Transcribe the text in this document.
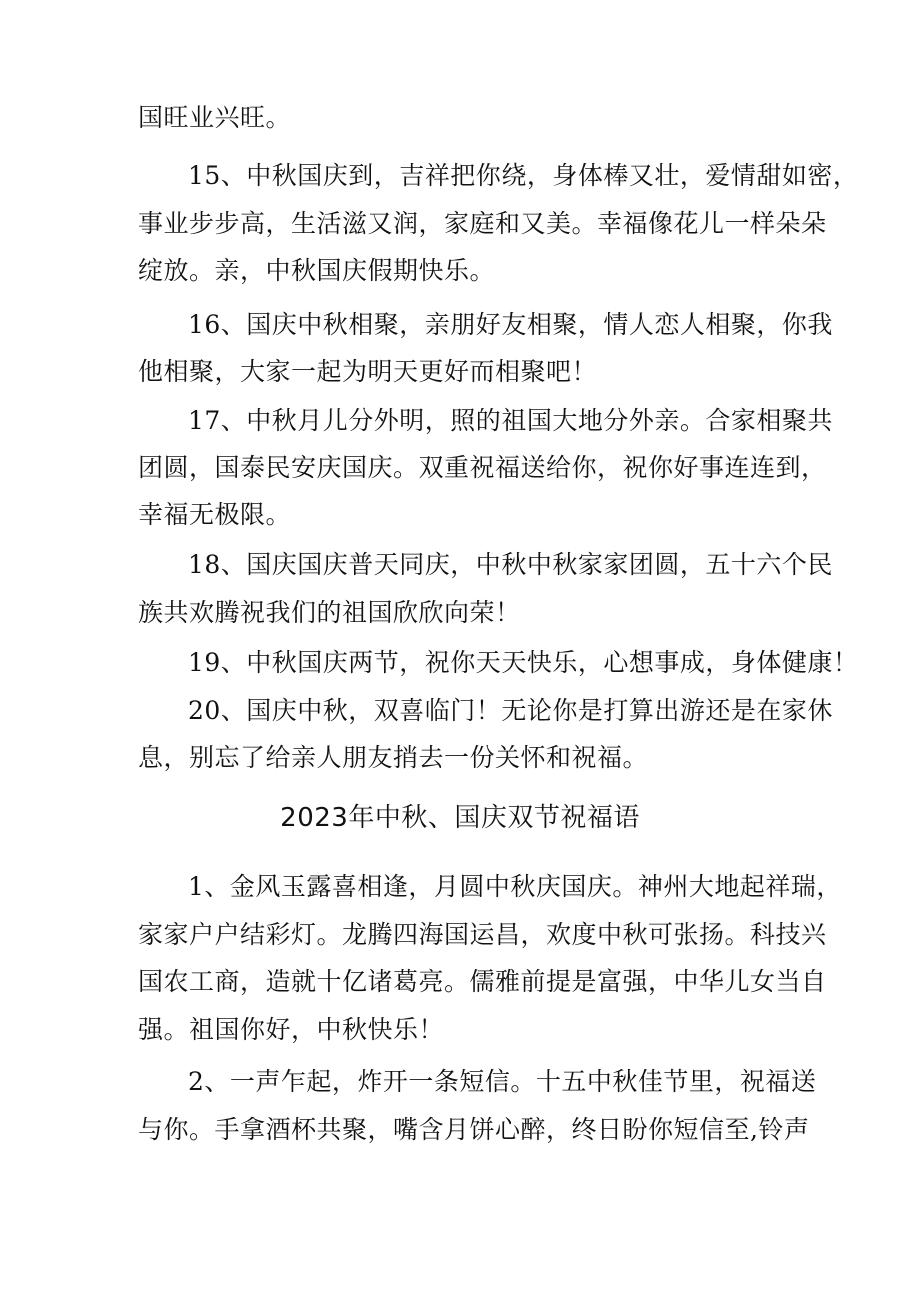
国旺业兴旺。
15、中秋国庆到，吉祥把你绕，身体棒又壮，爱情甜如密，
事业步步高，生活滋又润，家庭和又美。幸福像花儿一样朵朵
绽放。亲，中秋国庆假期快乐。
16、国庆中秋相聚，亲朋好友相聚，情人恋人相聚，你我
他相聚，大家一起为明天更好而相聚吧！
17、中秋月儿分外明，照的祖国大地分外亲。合家相聚共
团圆，国泰民安庆国庆。双重祝福送给你，祝你好事连连到，
幸福无极限。
18、国庆国庆普天同庆，中秋中秋家家团圆，五十六个民
族共欢腾祝我们的祖国欣欣向荣！
19、中秋国庆两节，祝你天天快乐，心想事成，身体健康！
20、国庆中秋，双喜临门！无论你是打算出游还是在家休
息，别忘了给亲人朋友捎去一份关怀和祝福。
2023年中秋、国庆双节祝福语
1、金风玉露喜相逢，月圆中秋庆国庆。神州大地起祥瑞，
家家户户结彩灯。龙腾四海国运昌，欢度中秋可张扬。科技兴
国农工商，造就十亿诸葛亮。儒雅前提是富强，中华儿女当自
强。祖国你好，中秋快乐！
2、一声乍起，炸开一条短信。十五中秋佳节里，祝福送
与你。手拿酒杯共聚，嘴含月饼心醉，终日盼你短信至,铃声
